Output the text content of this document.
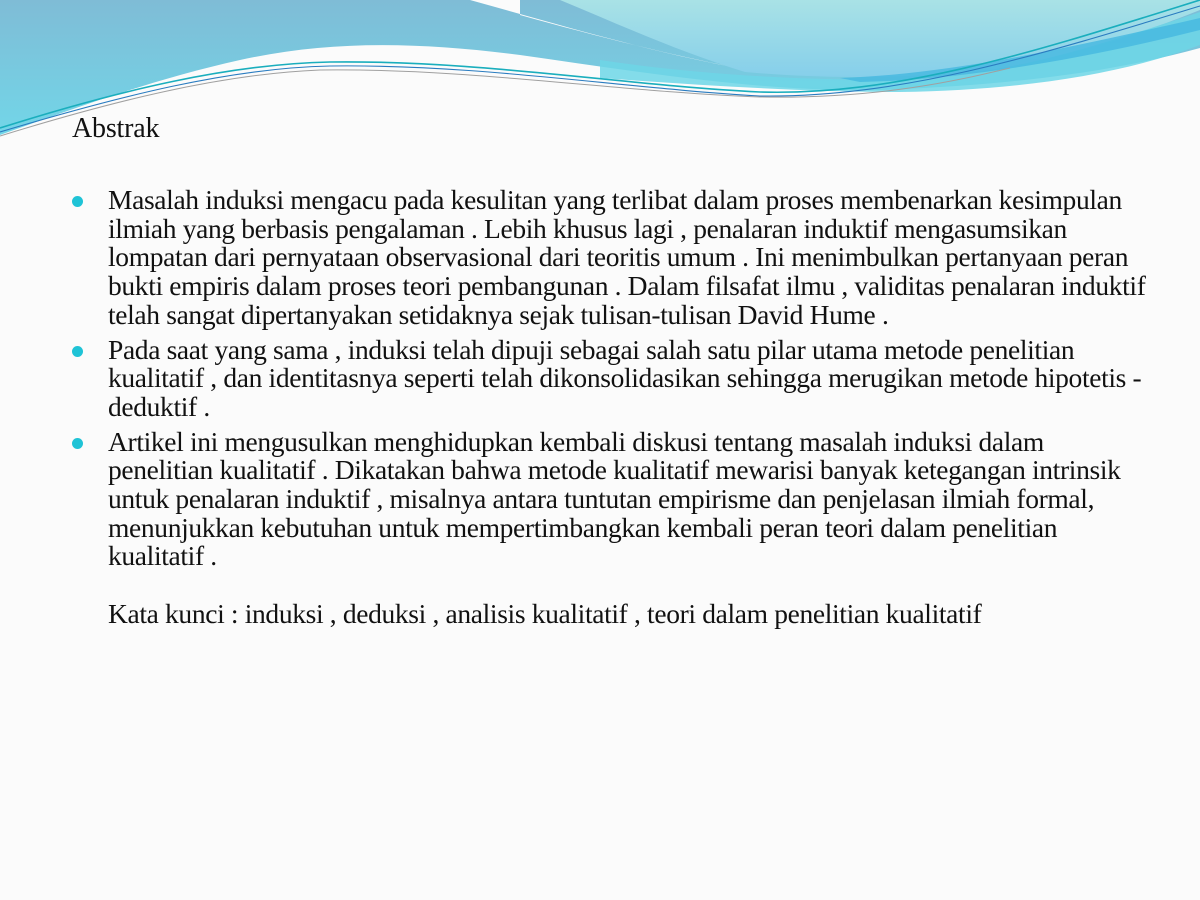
Abstrak

Masalah induksi mengacu pada kesulitan yang terlibat dalam proses membenarkan kesimpulan ilmiah yang berbasis pengalaman . Lebih khusus lagi , penalaran induktif mengasumsikan lompatan dari pernyataan observasional dari teoritis umum . Ini menimbulkan pertanyaan peran bukti empiris dalam proses teori pembangunan . Dalam filsafat ilmu , validitas penalaran induktif telah sangat dipertanyakan setidaknya sejak tulisan-tulisan David Hume .

Pada saat yang sama , induksi telah dipuji sebagai salah satu pilar utama metode penelitian kualitatif , dan identitasnya seperti telah dikonsolidasikan sehingga merugikan metode hipotetis - deduktif .

Artikel ini mengusulkan menghidupkan kembali diskusi tentang masalah induksi dalam penelitian kualitatif . Dikatakan bahwa metode kualitatif mewarisi banyak ketegangan intrinsik untuk penalaran induktif , misalnya antara tuntutan empirisme dan penjelasan ilmiah formal, menunjukkan kebutuhan untuk mempertimbangkan kembali peran teori dalam penelitian kualitatif .

Kata kunci : induksi , deduksi , analisis kualitatif , teori dalam penelitian kualitatif
